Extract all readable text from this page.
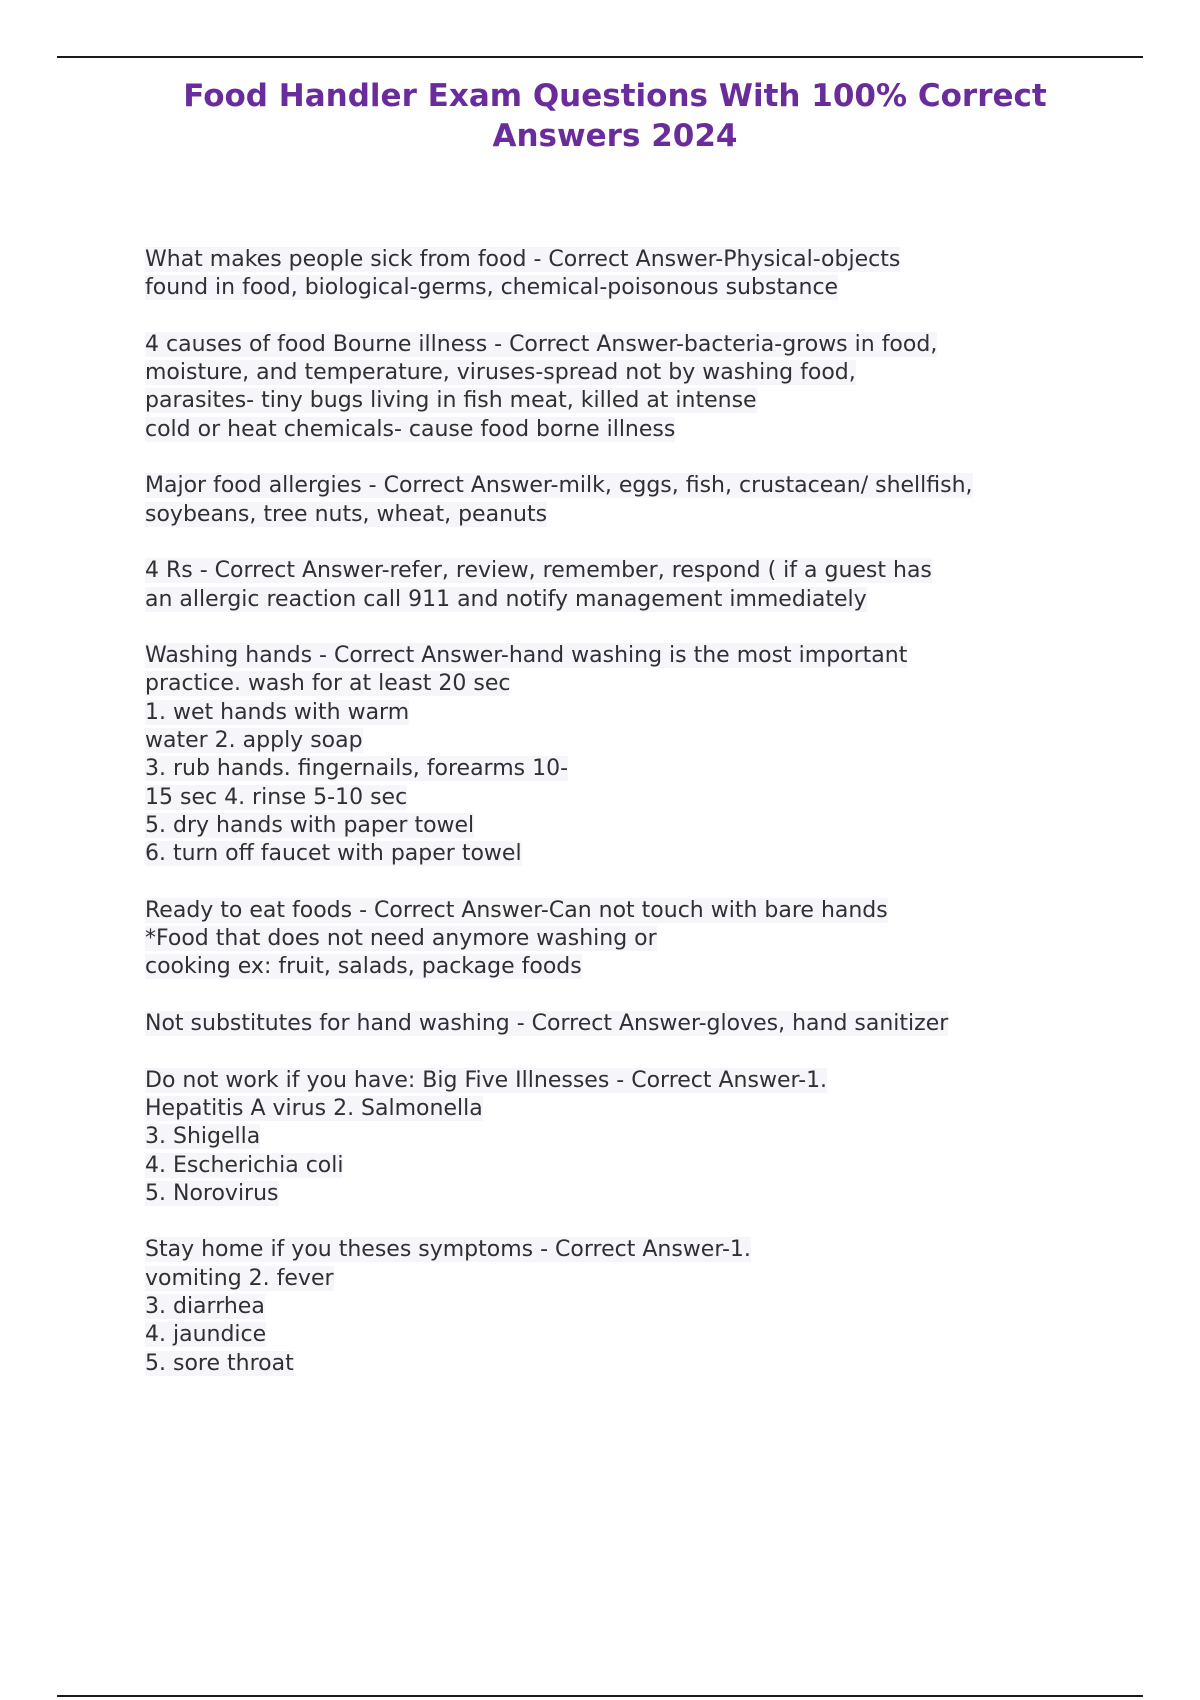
Food Handler Exam Questions With 100% Correct Answers 2024
What makes people sick from food - Correct Answer-Physical-objects
found in food, biological-germs, chemical-poisonous substance
4 causes of food Bourne illness - Correct Answer-bacteria-grows in food,
moisture, and temperature, viruses-spread not by washing food,
parasites- tiny bugs living in fish meat, killed at intense
cold or heat chemicals- cause food borne illness
Major food allergies - Correct Answer-milk, eggs, fish, crustacean/ shellfish,
soybeans, tree nuts, wheat, peanuts
4 Rs - Correct Answer-refer, review, remember, respond ( if a guest has
an allergic reaction call 911 and notify management immediately
Washing hands - Correct Answer-hand washing is the most important
practice. wash for at least 20 sec
1. wet hands with warm
water 2. apply soap
3. rub hands. fingernails, forearms 10-
15 sec 4. rinse 5-10 sec
5. dry hands with paper towel
6. turn off faucet with paper towel
Ready to eat foods - Correct Answer-Can not touch with bare hands
*Food that does not need anymore washing or
cooking ex: fruit, salads, package foods
Not substitutes for hand washing - Correct Answer-gloves, hand sanitizer
Do not work if you have: Big Five Illnesses - Correct Answer-1.
Hepatitis A virus 2. Salmonella
3. Shigella
4. Escherichia coli
5. Norovirus
Stay home if you theses symptoms - Correct Answer-1.
vomiting 2. fever
3. diarrhea
4. jaundice
5. sore throat
